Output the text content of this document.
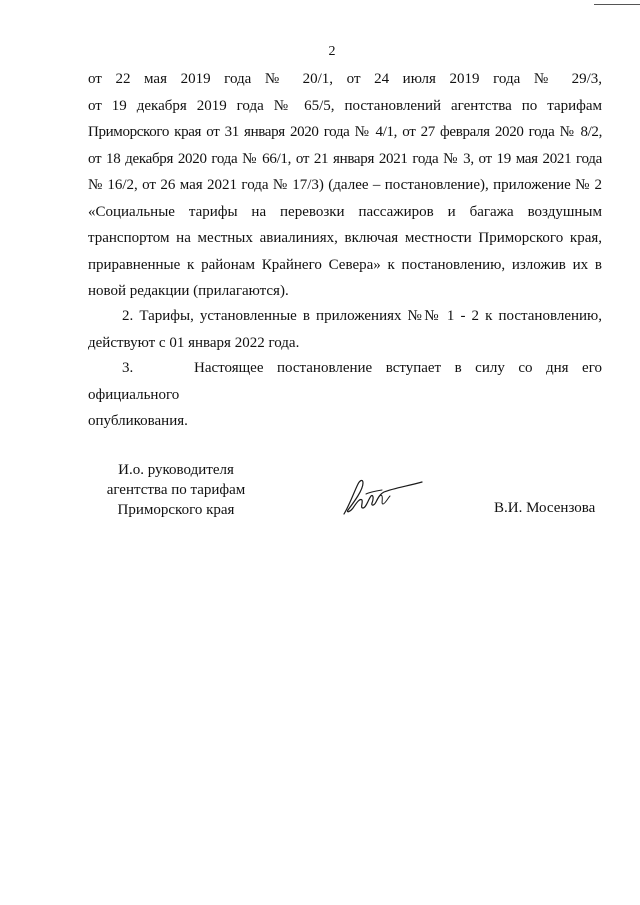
2

от 22 мая 2019 года № 20/1, от 24 июля 2019 года № 29/3,

от 19 декабря 2019 года № 65/5, постановлений агентства по тарифам

Приморского края от 31 января 2020 года № 4/1, от 27 февраля 2020 года № 8/2,

от 18 декабря 2020 года № 66/1, от 21 января 2021 года № 3, от 19 мая 2021 года

№ 16/2, от 26 мая 2021 года № 17/3) (далее – постановление), приложение № 2

«Социальные тарифы на перевозки пассажиров и багажа воздушным

транспортом на местных авиалиниях, включая местности Приморского края,

приравненные к районам Крайнего Севера» к постановлению, изложив их в

новой редакции (прилагаются).

2. Тарифы, установленные в приложениях №№ 1 - 2 к постановлению,

действуют с 01 января 2022 года.

3.	Настоящее постановление вступает в силу со дня его официального

опубликования.

И.о. руководителя
агентства по тарифам
Приморского края	В.И. Мосензова
